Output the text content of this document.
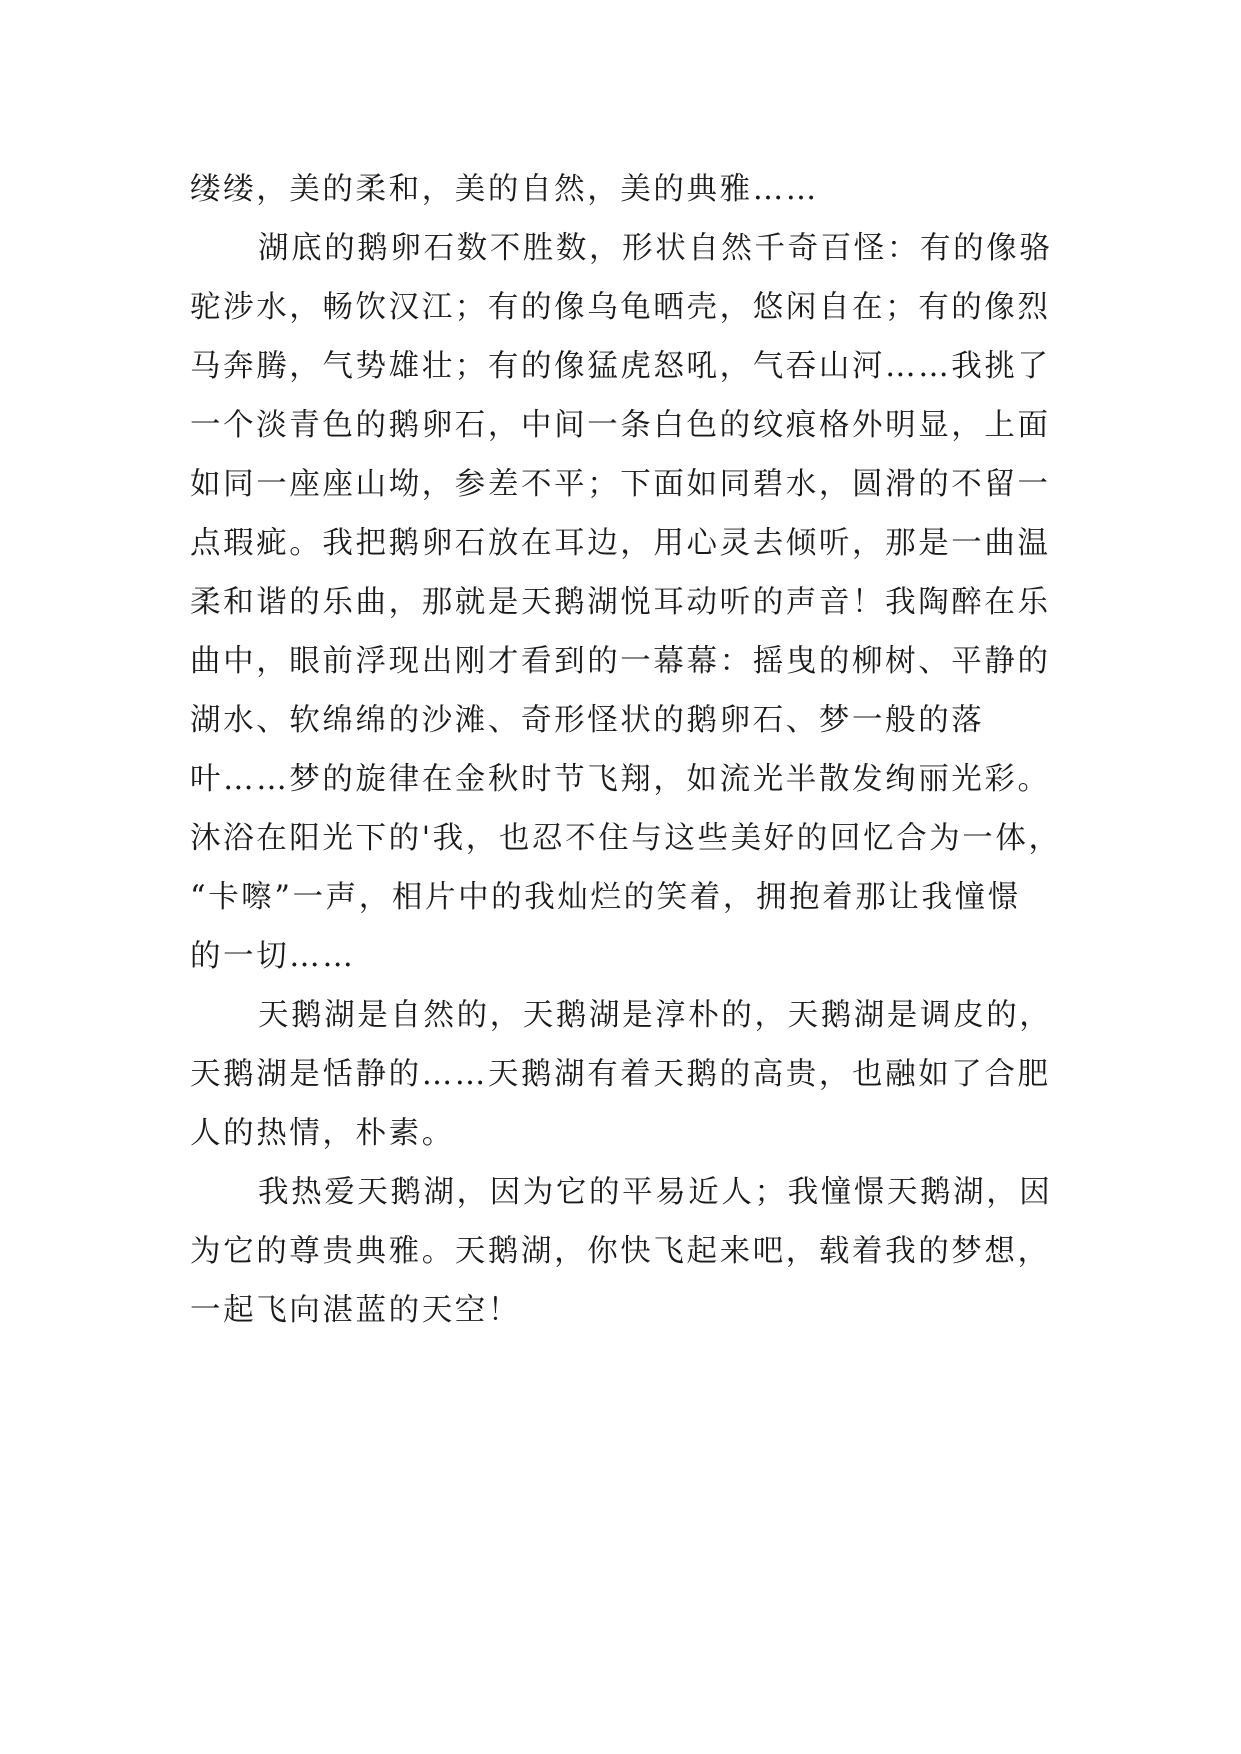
缕缕，美的柔和，美的自然，美的典雅……
湖底的鹅卵石数不胜数，形状自然千奇百怪：有的像骆
驼涉水，畅饮汉江；有的像乌龟晒壳，悠闲自在；有的像烈
马奔腾，气势雄壮；有的像猛虎怒吼，气吞山河……我挑了
一个淡青色的鹅卵石，中间一条白色的纹痕格外明显，上面
如同一座座山坳，参差不平；下面如同碧水，圆滑的不留一
点瑕疵。我把鹅卵石放在耳边，用心灵去倾听，那是一曲温
柔和谐的乐曲，那就是天鹅湖悦耳动听的声音！我陶醉在乐
曲中，眼前浮现出刚才看到的一幕幕：摇曳的柳树、平静的
湖水、软绵绵的沙滩、奇形怪状的鹅卵石、梦一般的落
叶……梦的旋律在金秋时节飞翔，如流光半散发绚丽光彩。
沐浴在阳光下的'我，也忍不住与这些美好的回忆合为一体，
“卡嚓”一声，相片中的我灿烂的笑着，拥抱着那让我憧憬
的一切……
天鹅湖是自然的，天鹅湖是淳朴的，天鹅湖是调皮的，
天鹅湖是恬静的……天鹅湖有着天鹅的高贵，也融如了合肥
人的热情，朴素。
我热爱天鹅湖，因为它的平易近人；我憧憬天鹅湖，因
为它的尊贵典雅。天鹅湖，你快飞起来吧，载着我的梦想，
一起飞向湛蓝的天空！
